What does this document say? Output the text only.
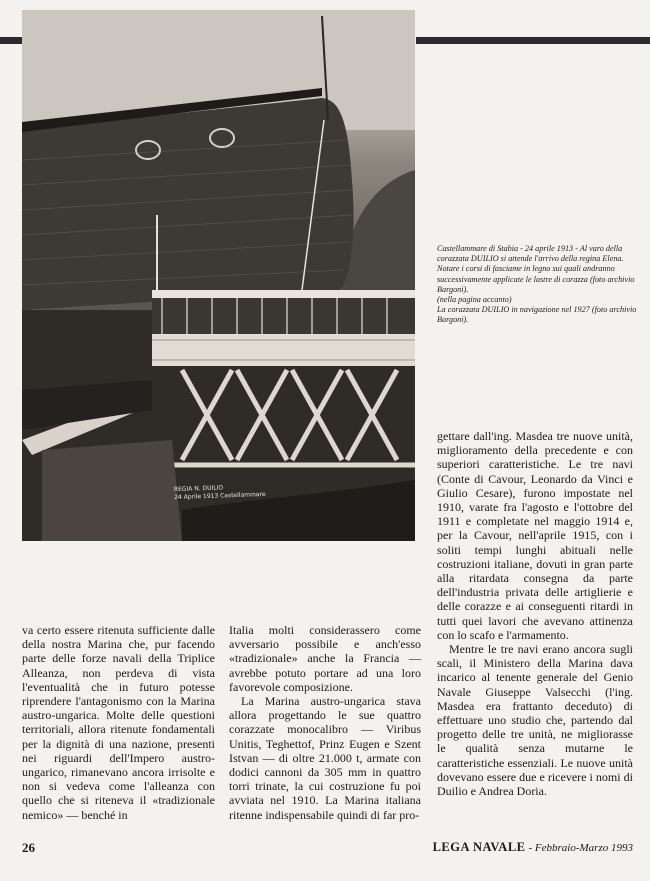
REGIA N. DUILIO
24 Aprile 1913 Castellammare

Castellammare di Stabia - 24 aprile 1913 - Al varo della corazzata DUILIO si attende l'arrivo della regina Elena. Notare i corsi di fasciame in legno sui quali andranno successivamente applicate le lastre di corazza (foto archivio Bargoni).

(nella pagina accanto)

La corazzata DUILIO in navigazione nel 1927 (foto archivio Bargoni).

gettare dall'ing. Masdea tre nuove unità, miglioramento della precedente e con superiori caratteristiche. Le tre navi (Conte di Cavour, Leonardo da Vinci e Giulio Cesare), furono impostate nel 1910, varate fra l'agosto e l'ottobre del 1911 e completate nel maggio 1914 e, per la Cavour, nell'aprile 1915, con i soliti tempi lunghi abituali nelle costruzioni italiane, dovuti in gran parte alla ritardata consegna da parte dell'industria privata delle artiglierie e delle corazze e ai conseguenti ritardi in tutti quei lavori che avevano attinenza con lo scafo e l'armamento.

Mentre le tre navi erano ancora sugli scali, il Ministero della Marina dava incarico al tenente generale del Genio Navale Giuseppe Valsecchi (l'ing. Masdea era frattanto deceduto) di effettuare uno studio che, partendo dal progetto delle tre unità, ne migliorasse le qualità senza mutarne le caratteristiche essenziali. Le nuove unità dovevano essere due e ricevere i nomi di Duilio e Andrea Doria.

va certo essere ritenuta sufficiente dalle della nostra Marina che, pur facendo parte delle forze navali della Triplice Alleanza, non perdeva di vista l'eventualità che in futuro potesse riprendere l'antagonismo con la Marina austro-ungarica. Molte delle questioni territoriali, allora ritenute fondamentali per la dignità di una nazione, presenti nei riguardi dell'Impero austro-ungarico, rimanevano ancora irrisolte e non si vedeva come l'alleanza con quello che si riteneva il «tradizionale nemico» — benché in

Italia molti considerassero come avversario possibile e anch'esso «tradizionale» anche la Francia — avrebbe potuto portare ad una loro favorevole composizione.

La Marina austro-ungarica stava allora progettando le sue quattro corazzate monocalibro — Viribus Unitis, Teghettof, Prinz Eugen e Szent Istvan — di oltre 21.000 t, armate con dodici cannoni da 305 mm in quattro torri trinate, la cui costruzione fu poi avviata nel 1910. La Marina italiana ritenne indispensabile quindi di far pro-

26	LEGA NAVALE - Febbraio-Marzo 1993
